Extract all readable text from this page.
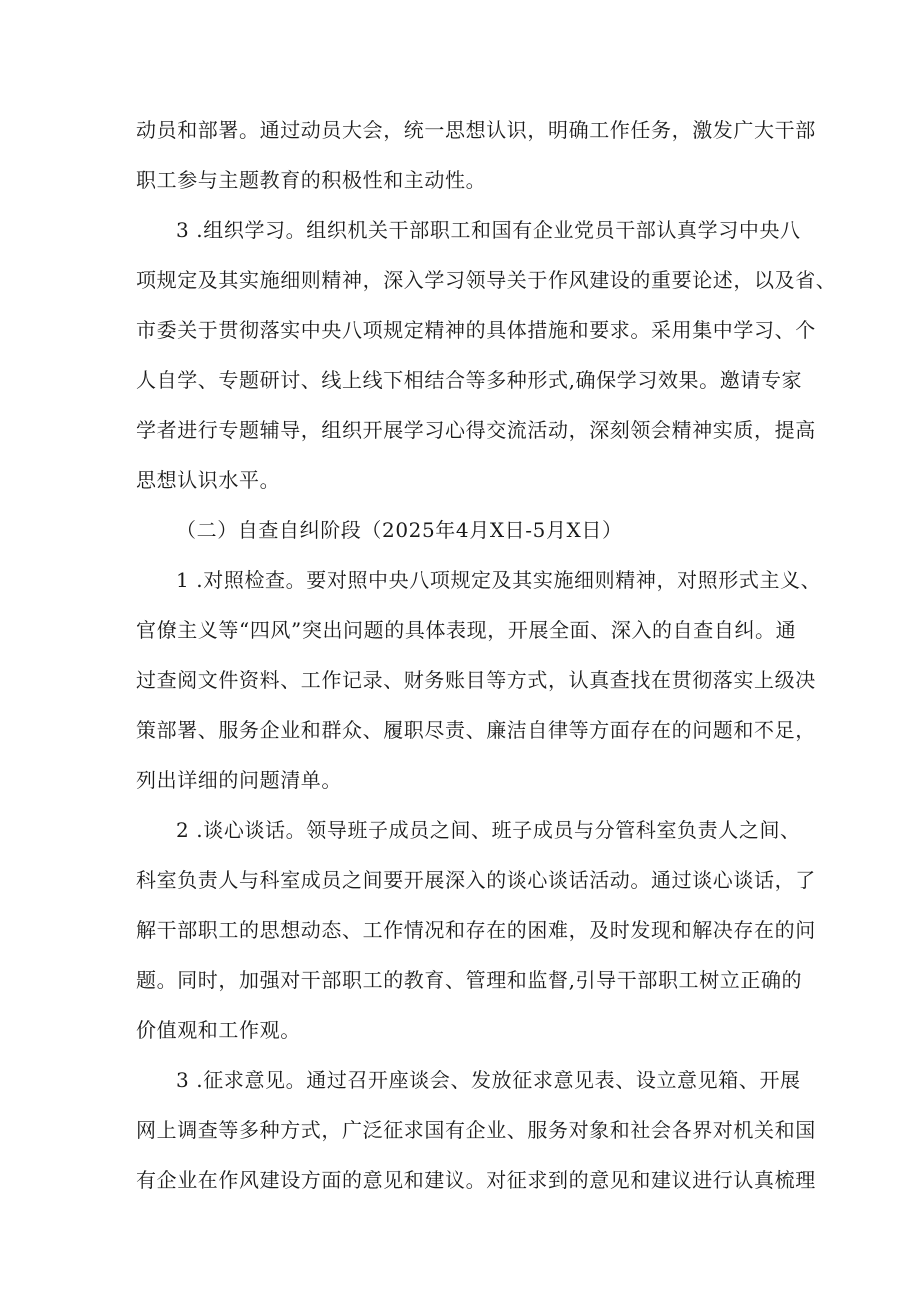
动员和部署。通过动员大会，统一思想认识，明确工作任务，激发广大干部
职工参与主题教育的积极性和主动性。
3 .组织学习。组织机关干部职工和国有企业党员干部认真学习中央八
项规定及其实施细则精神，深入学习领导关于作风建设的重要论述，以及省、
市委关于贯彻落实中央八项规定精神的具体措施和要求。采用集中学习、个
人自学、专题研讨、线上线下相结合等多种形式,确保学习效果。邀请专家
学者进行专题辅导，组织开展学习心得交流活动，深刻领会精神实质，提高
思想认识水平。
（二）自查自纠阶段（2025年4月X日-5月X日）
1 .对照检查。要对照中央八项规定及其实施细则精神，对照形式主义、
官僚主义等“四风”突出问题的具体表现，开展全面、深入的自查自纠。通
过查阅文件资料、工作记录、财务账目等方式，认真查找在贯彻落实上级决
策部署、服务企业和群众、履职尽责、廉洁自律等方面存在的问题和不足，
列出详细的问题清单。
2 .谈心谈话。领导班子成员之间、班子成员与分管科室负责人之间、
科室负责人与科室成员之间要开展深入的谈心谈话活动。通过谈心谈话，了
解干部职工的思想动态、工作情况和存在的困难，及时发现和解决存在的问
题。同时，加强对干部职工的教育、管理和监督,引导干部职工树立正确的
价值观和工作观。
3 .征求意见。通过召开座谈会、发放征求意见表、设立意见箱、开展
网上调查等多种方式，广泛征求国有企业、服务对象和社会各界对机关和国
有企业在作风建设方面的意见和建议。对征求到的意见和建议进行认真梳理
